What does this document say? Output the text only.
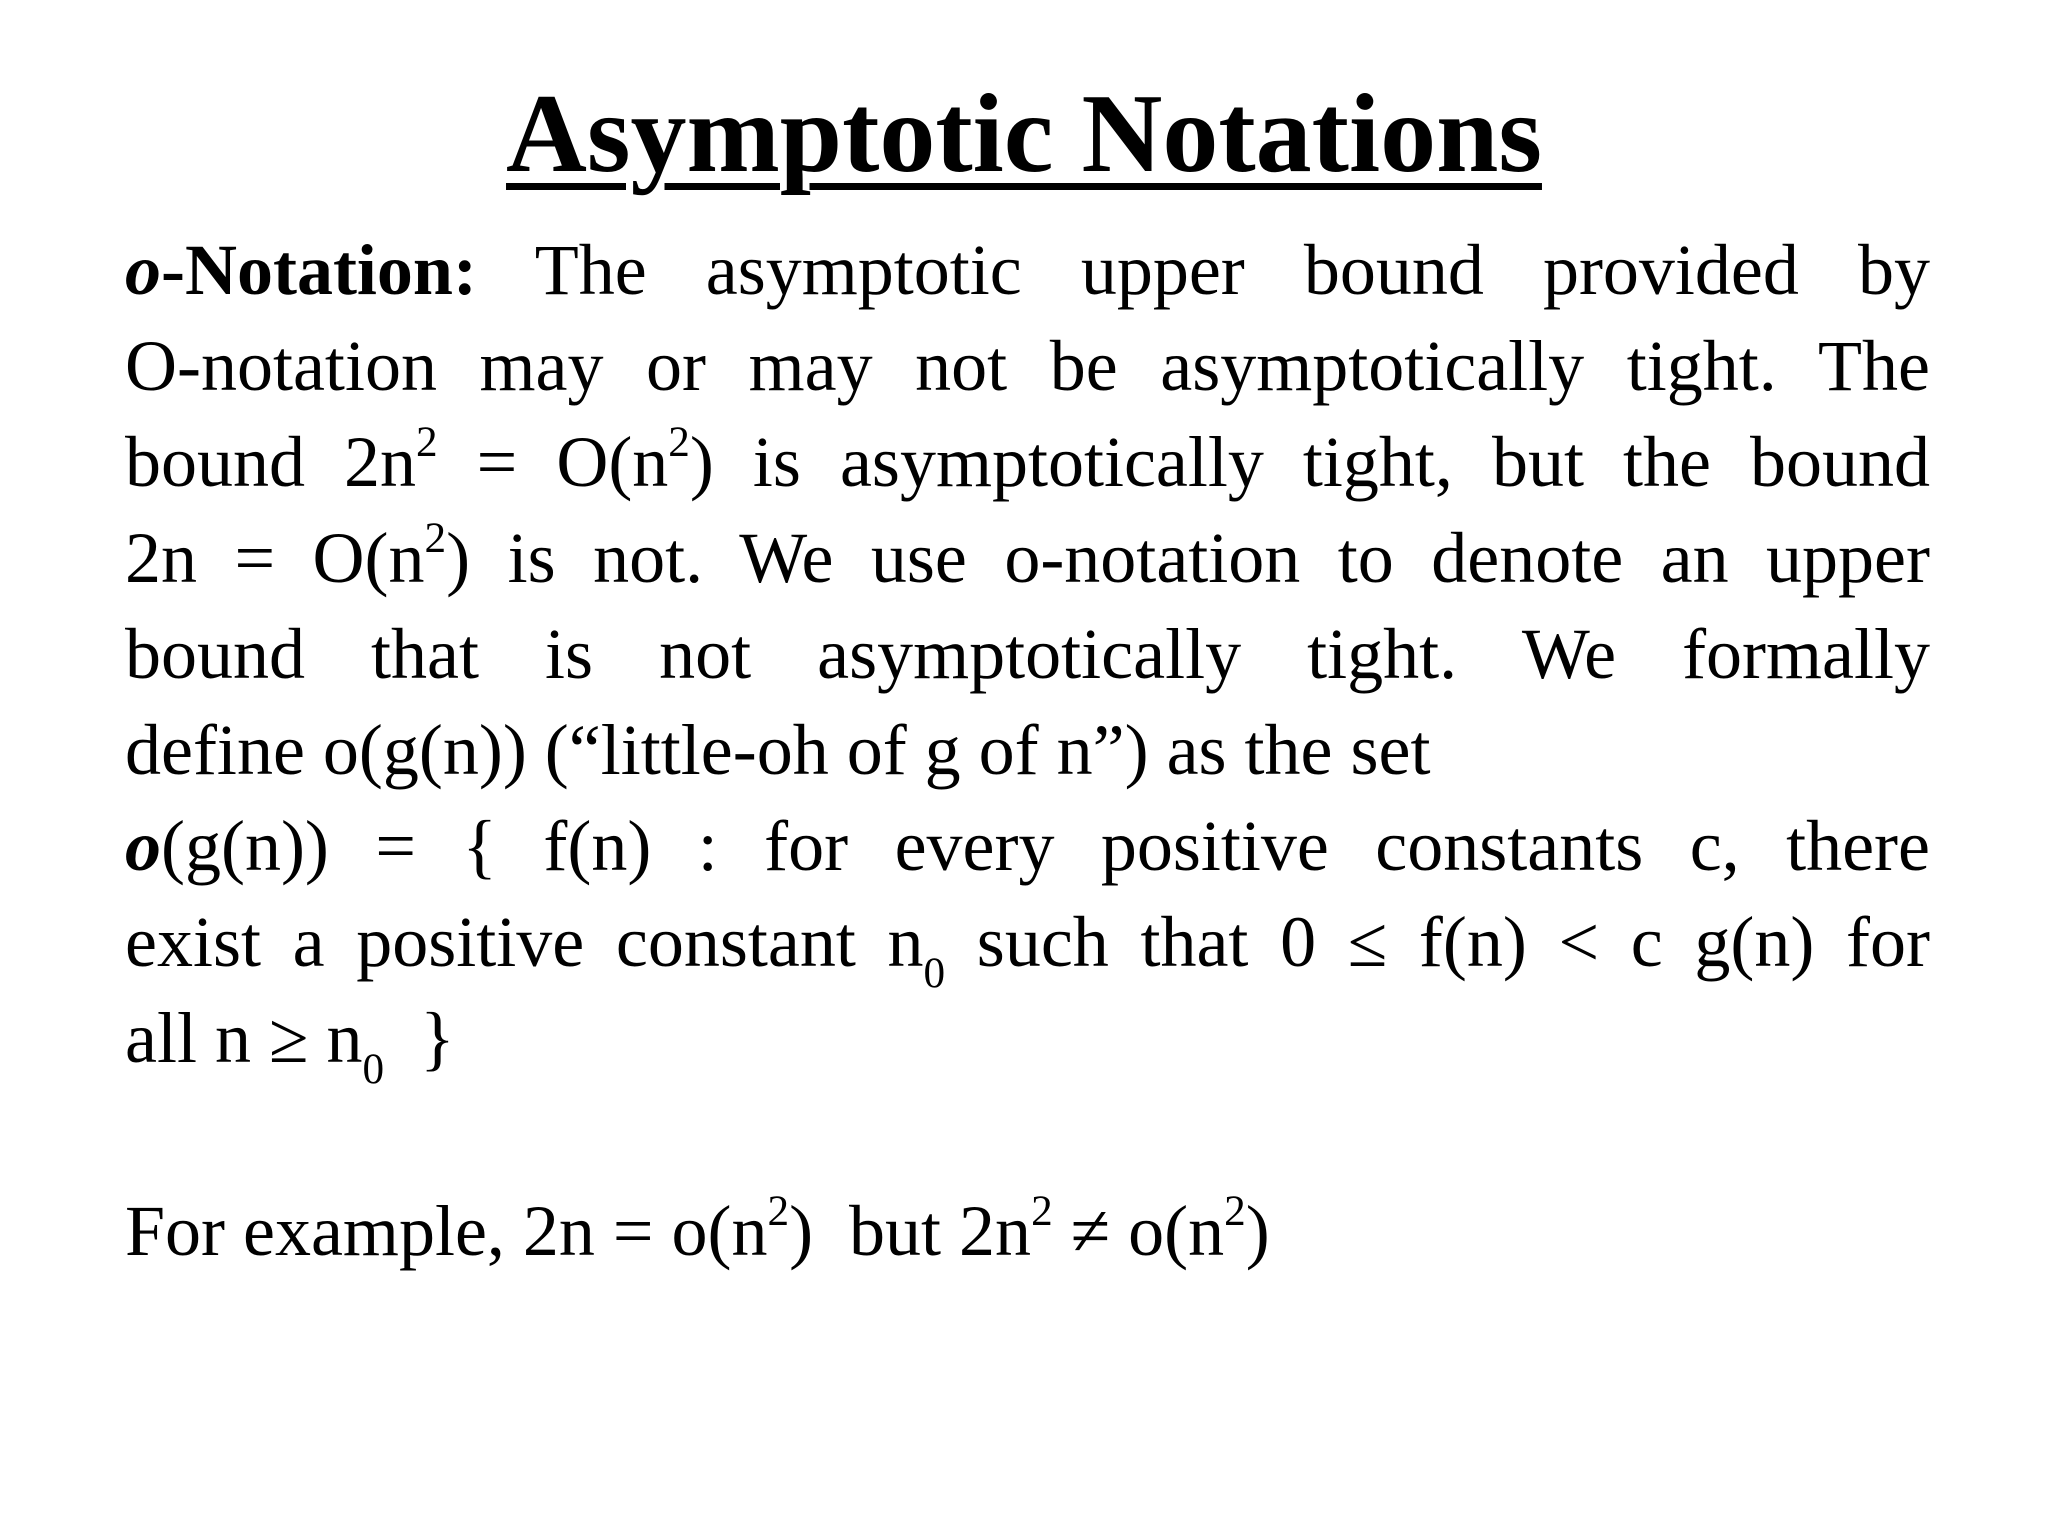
Asymptotic Notations
o-Notation: The asymptotic upper bound provided by
O-notation may or may not be asymptotically tight. The
bound $2n^2 = O(n^2)$ is asymptotically tight, but the bound
$2n = O(n^2)$ is not. We use o-notation to denote an upper
bound that is not asymptotically tight. We formally
define o(g(n)) (“little-oh of g of n”) as the set
o(g(n)) = { f(n) : for every positive constants c, there
exist a positive constant $n_0$ such that 0 ≤ f(n) < c g(n) for
all $n \ge n_0$  }
For example, $2n = o(n^2)$  but $2n^2 \ne o(n^2)$
